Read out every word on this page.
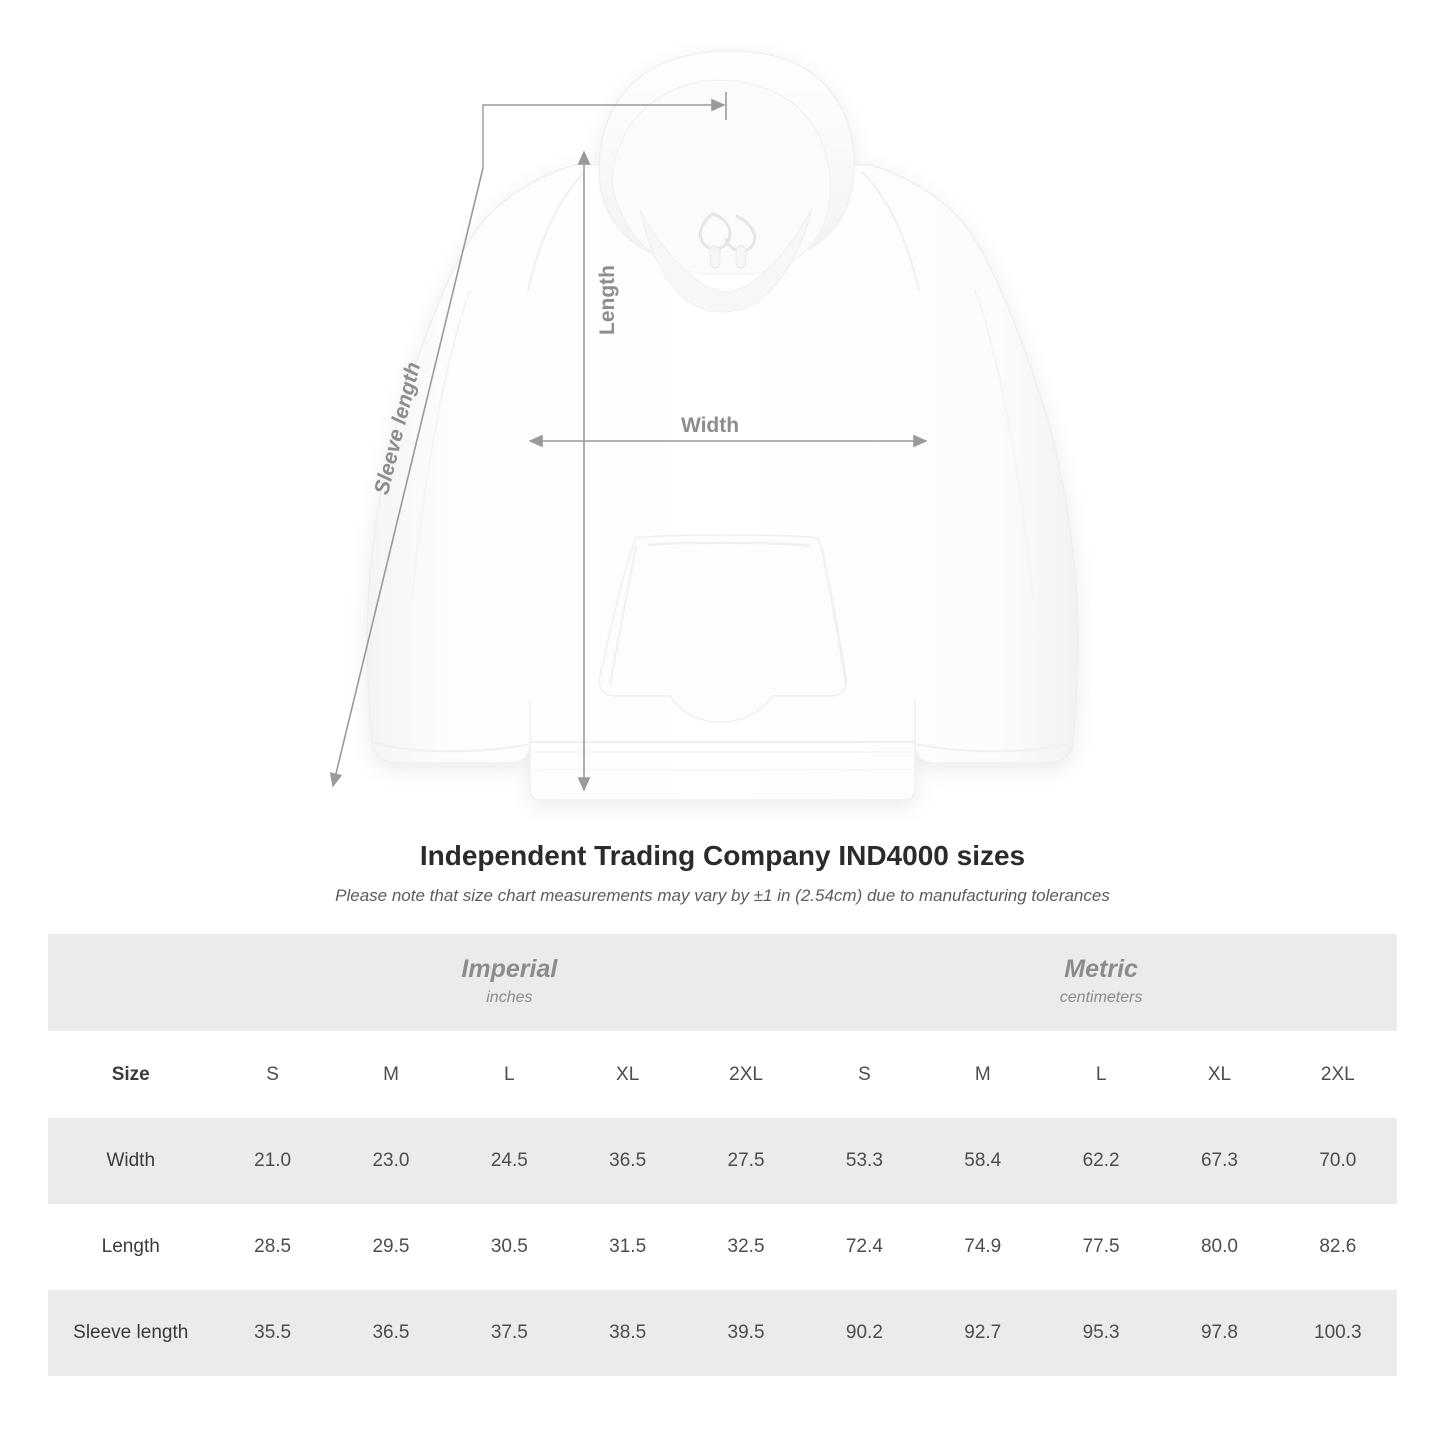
Length
Width
Sleeve length
Independent Trading Company IND4000 sizes
Please note that size chart measurements may vary by ±1 in (2.54cm) due to manufacturing tolerances

Imperial
inches

Metric
centimeters

Size	S	M	L	XL	2XL	S	M	L	XL	2XL
Width	21.0	23.0	24.5	36.5	27.5	53.3	58.4	62.2	67.3	70.0
Length	28.5	29.5	30.5	31.5	32.5	72.4	74.9	77.5	80.0	82.6
Sleeve length	35.5	36.5	37.5	38.5	39.5	90.2	92.7	95.3	97.8	100.3
